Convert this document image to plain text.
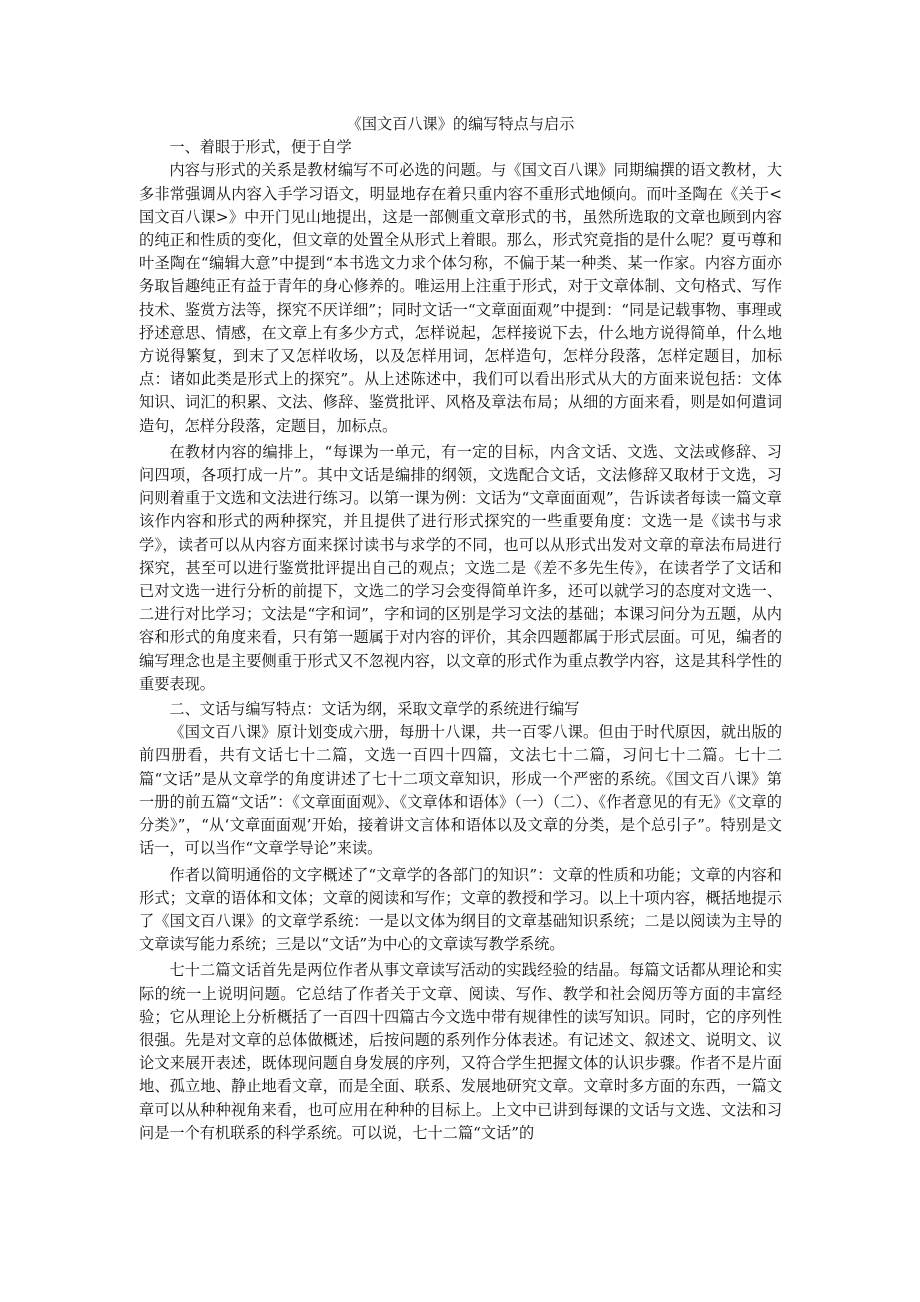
《国文百八课》的编写特点与启示

一、着眼于形式，便于自学

内容与形式的关系是教材编写不可必选的问题。与《国文百八课》同期编撰的语文教材，大多非常强调从内容入手学习语文，明显地存在着只重内容不重形式地倾向。而叶圣陶在《关于<国文百八课>》中开门见山地提出，这是一部侧重文章形式的书，虽然所选取的文章也顾到内容的纯正和性质的变化，但文章的处置全从形式上着眼。那么，形式究竟指的是什么呢？夏丏尊和叶圣陶在“编辑大意”中提到“本书选文力求个体匀称，不偏于某一种类、某一作家。内容方面亦务取旨趣纯正有益于青年的身心修养的。唯运用上注重于形式，对于文章体制、文句格式、写作技术、鉴赏方法等，探究不厌详细”；同时文话一“文章面面观”中提到：“同是记载事物、事理或抒述意思、情感，在文章上有多少方式，怎样说起，怎样接说下去，什么地方说得简单，什么地方说得繁复，到末了又怎样收场，以及怎样用词，怎样造句，怎样分段落，怎样定题目，加标点：诸如此类是形式上的探究”。从上述陈述中，我们可以看出形式从大的方面来说包括：文体知识、词汇的积累、文法、修辞、鉴赏批评、风格及章法布局；从细的方面来看，则是如何遣词造句，怎样分段落，定题目，加标点。

在教材内容的编排上，“每课为一单元，有一定的目标，内含文话、文选、文法或修辞、习问四项，各项打成一片”。其中文话是编排的纲领，文选配合文话，文法修辞又取材于文选，习问则着重于文选和文法进行练习。以第一课为例：文话为“文章面面观”，告诉读者每读一篇文章该作内容和形式的两种探究，并且提供了进行形式探究的一些重要角度：文选一是《读书与求学》，读者可以从内容方面来探讨读书与求学的不同，也可以从形式出发对文章的章法布局进行探究，甚至可以进行鉴赏批评提出自己的观点；文选二是《差不多先生传》，在读者学了文话和已对文选一进行分析的前提下，文选二的学习会变得简单许多，还可以就学习的态度对文选一、二进行对比学习；文法是“字和词”，字和词的区别是学习文法的基础；本课习问分为五题，从内容和形式的角度来看，只有第一题属于对内容的评价，其余四题都属于形式层面。可见，编者的编写理念也是主要侧重于形式又不忽视内容，以文章的形式作为重点教学内容，这是其科学性的重要表现。

二、文话与编写特点：文话为纲，采取文章学的系统进行编写

《国文百八课》原计划变成六册，每册十八课，共一百零八课。但由于时代原因，就出版的前四册看，共有文话七十二篇，文选一百四十四篇，文法七十二篇，习问七十二篇。七十二篇“文话”是从文章学的角度讲述了七十二项文章知识，形成一个严密的系统。《国文百八课》第一册的前五篇“文话”：《文章面面观》、《文章体和语体》（一）（二）、《作者意见的有无》《文章的分类》”，“从‘文章面面观’开始，接着讲文言体和语体以及文章的分类，是个总引子”。特别是文话一，可以当作“文章学导论”来读。

作者以简明通俗的文字概述了“文章学的各部门的知识”：文章的性质和功能；文章的内容和形式；文章的语体和文体；文章的阅读和写作；文章的教授和学习。以上十项内容，概括地提示了《国文百八课》的文章学系统：一是以文体为纲目的文章基础知识系统；二是以阅读为主导的文章读写能力系统；三是以“文话”为中心的文章读写教学系统。

七十二篇文话首先是两位作者从事文章读写活动的实践经验的结晶。每篇文话都从理论和实际的统一上说明问题。它总结了作者关于文章、阅读、写作、教学和社会阅历等方面的丰富经验；它从理论上分析概括了一百四十四篇古今文选中带有规律性的读写知识。同时，它的序列性很强。先是对文章的总体做概述，后按问题的系列作分体表述。有记述文、叙述文、说明文、议论文来展开表述，既体现问题自身发展的序列，又符合学生把握文体的认识步骤。作者不是片面地、孤立地、静止地看文章，而是全面、联系、发展地研究文章。文章时多方面的东西，一篇文章可以从种种视角来看，也可应用在种种的目标上。上文中已讲到每课的文话与文选、文法和习问是一个有机联系的科学系统。可以说，七十二篇“文话”的
